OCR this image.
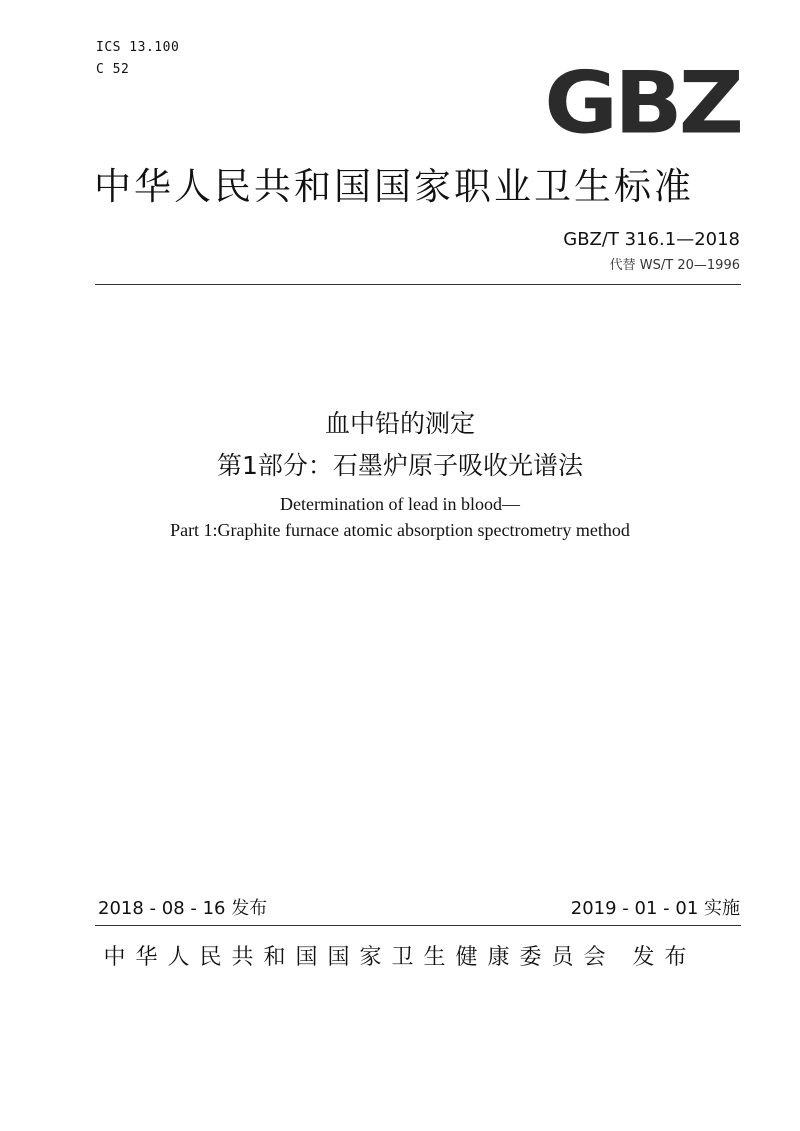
ICS 13.100
C 52	GBZ
中华人民共和国国家职业卫生标准
GBZ/T 316.1—2018
代替 WS/T 20—1996
血中铅的测定
第1部分：石墨炉原子吸收光谱法
Determination of lead in blood—
Part 1:Graphite furnace atomic absorption spectrometry method
2018 - 08 - 16 发布	2019 - 01 - 01 实施
中华人民共和国国家卫生健康委员会 发布
